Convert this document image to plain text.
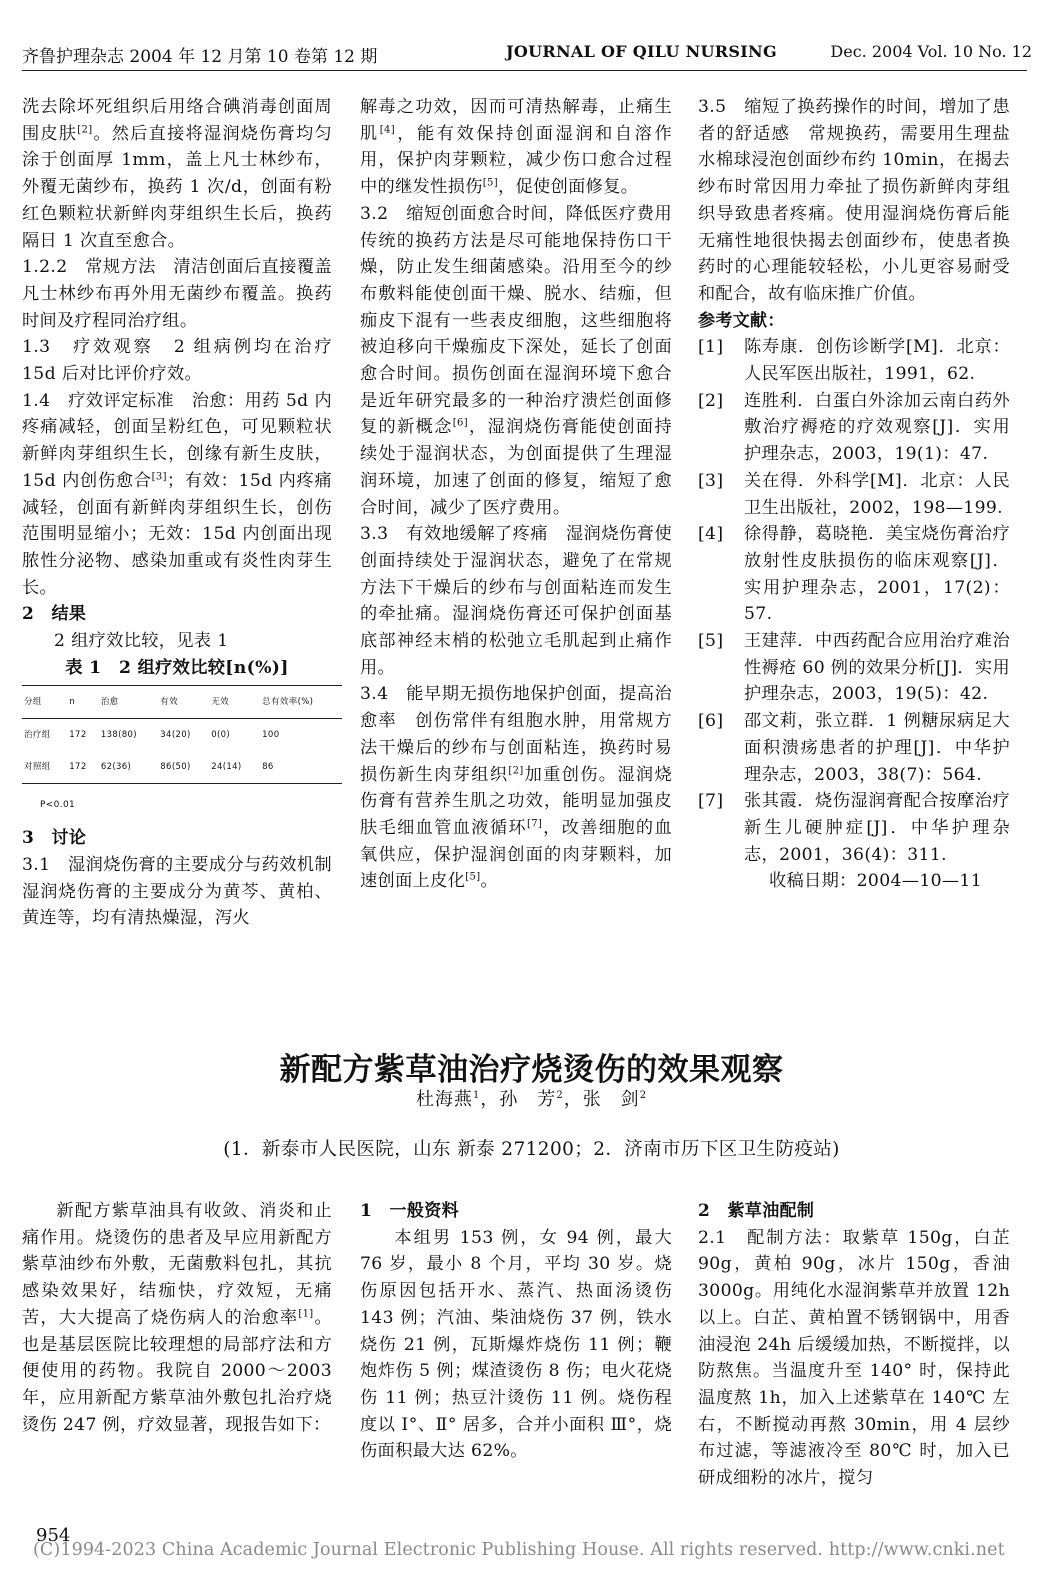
齐鲁护理杂志 2004 年 12 月第 10 卷第 12 期	JOURNAL OF QILU NURSING	Dec. 2004 Vol. 10 No. 12

洗去除坏死组织后用络合碘消毒创面周围皮肤[2]。然后直接将湿润烧伤膏均匀涂于创面厚 1mm，盖上凡士林纱布，外覆无菌纱布，换药 1 次/d，创面有粉红色颗粒状新鲜肉芽组织生长后，换药隔日 1 次直至愈合。

1.2.2　常规方法　清洁创面后直接覆盖凡士林纱布再外用无菌纱布覆盖。换药时间及疗程同治疗组。

1.3　疗效观察　2 组病例均在治疗 15d 后对比评价疗效。

1.4　疗效评定标准　治愈：用药 5d 内疼痛减轻，创面呈粉红色，可见颗粒状新鲜肉芽组织生长，创缘有新生皮肤，15d 内创伤愈合[3]；有效：15d 内疼痛减轻，创面有新鲜肉芽组织生长，创伤范围明显缩小；无效：15d 内创面出现脓性分泌物、感染加重或有炎性肉芽生长。

2　结果

2 组疗效比较，见表 1

表 1　2 组疗效比较[n(%)]

分组	n	治愈	有效	无效	总有效率(%)
治疗组	172	138(80)	34(20)	0(0)	100
对照组	172	62(36)	86(50)	24(14)	86
P<0.01

3　讨论

3.1　湿润烧伤膏的主要成分与药效机制　湿润烧伤膏的主要成分为黄芩、黄柏、黄连等，均有清热燥湿，泻火

解毒之功效，因而可清热解毒，止痛生肌[4]，能有效保持创面湿润和自溶作用，保护肉芽颗粒，减少伤口愈合过程中的继发性损伤[5]，促使创面修复。

3.2　缩短创面愈合时间，降低医疗费用　传统的换药方法是尽可能地保持伤口干燥，防止发生细菌感染。沿用至今的纱布敷料能使创面干燥、脱水、结痂，但痂皮下混有一些表皮细胞，这些细胞将被迫移向干燥痂皮下深处，延长了创面愈合时间。损伤创面在湿润环境下愈合是近年研究最多的一种治疗溃烂创面修复的新概念[6]，湿润烧伤膏能使创面持续处于湿润状态，为创面提供了生理湿润环境，加速了创面的修复，缩短了愈合时间，减少了医疗费用。

3.3　有效地缓解了疼痛　湿润烧伤膏使创面持续处于湿润状态，避免了在常规方法下干燥后的纱布与创面粘连而发生的牵扯痛。湿润烧伤膏还可保护创面基底部神经末梢的松弛立毛肌起到止痛作用。

3.4　能早期无损伤地保护创面，提高治愈率　创伤常伴有组胞水肿，用常规方法干燥后的纱布与创面粘连，换药时易损伤新生肉芽组织[2]加重创伤。湿润烧伤膏有营养生肌之功效，能明显加强皮肤毛细血管血液循环[7]，改善细胞的血氧供应，保护湿润创面的肉芽颗料，加速创面上皮化[5]。

3.5　缩短了换药操作的时间，增加了患者的舒适感　常规换药，需要用生理盐水棉球浸泡创面纱布约 10min，在揭去纱布时常因用力牵扯了损伤新鲜肉芽组织导致患者疼痛。使用湿润烧伤膏后能无痛性地很快揭去创面纱布，使患者换药时的心理能较轻松，小儿更容易耐受和配合，故有临床推广价值。

参考文献：

[1]	陈寿康．创伤诊断学[M]．北京：人民军医出版社，1991，62.
[2]	连胜利．白蛋白外涂加云南白药外敷治疗褥疮的疗效观察[J]．实用护理杂志，2003，19(1)：47.
[3]	关在得．外科学[M]．北京：人民卫生出版社，2002，198—199.
[4]	徐得静，葛晓艳．美宝烧伤膏治疗放射性皮肤损伤的临床观察[J]．实用护理杂志，2001，17(2)：57.
[5]	王建萍．中西药配合应用治疗难治性褥疮 60 例的效果分析[J]．实用护理杂志，2003，19(5)：42.
[6]	邵文莉，张立群．1 例糖尿病足大面积溃疡患者的护理[J]．中华护理杂志，2003，38(7)：564.
[7]	张其霞．烧伤湿润膏配合按摩治疗新生儿硬肿症[J]．中华护理杂志，2001，36(4)：311.

收稿日期：2004—10—11

新配方紫草油治疗烧烫伤的效果观察
杜海燕$^1$，孙　芳$^2$，张　剑$^2$
(1．新泰市人民医院，山东 新泰 271200；2．济南市历下区卫生防疫站)

新配方紫草油具有收敛、消炎和止痛作用。烧烫伤的患者及早应用新配方紫草油纱布外敷，无菌敷料包扎，其抗感染效果好，结痂快，疗效短，无痛苦，大大提高了烧伤病人的治愈率[1]。也是基层医院比较理想的局部疗法和方便使用的药物。我院自 2000～2003 年，应用新配方紫草油外敷包扎治疗烧烫伤 247 例，疗效显著，现报告如下：

1　一般资料

本组男 153 例，女 94 例，最大 76 岁，最小 8 个月，平均 30 岁。烧伤原因包括开水、蒸汽、热面汤烫伤 143 例；汽油、柴油烧伤 37 例，铁水烧伤 21 例，瓦斯爆炸烧伤 11 例；鞭炮炸伤 5 例；煤渣烫伤 8 伤；电火花烧伤 11 例；热豆汁烫伤 11 例。烧伤程度以 Ⅰ°、Ⅱ° 居多，合并小面积 Ⅲ°，烧伤面积最大达 62%。

2　紫草油配制

2.1　配制方法：取紫草 150g，白芷 90g，黄柏 90g，冰片 150g，香油 3000g。用纯化水湿润紫草并放置 12h 以上。白芷、黄柏置不锈钢锅中，用香油浸泡 24h 后缓缓加热，不断搅拌，以防熬焦。当温度升至 140° 时，保持此温度熬 1h，加入上述紫草在 140℃ 左右，不断搅动再熬 30min，用 4 层纱布过滤，等滤液冷至 80℃ 时，加入已研成细粉的冰片，搅匀

954
(C)1994-2023 China Academic Journal Electronic Publishing House. All rights reserved. http://www.cnki.net
